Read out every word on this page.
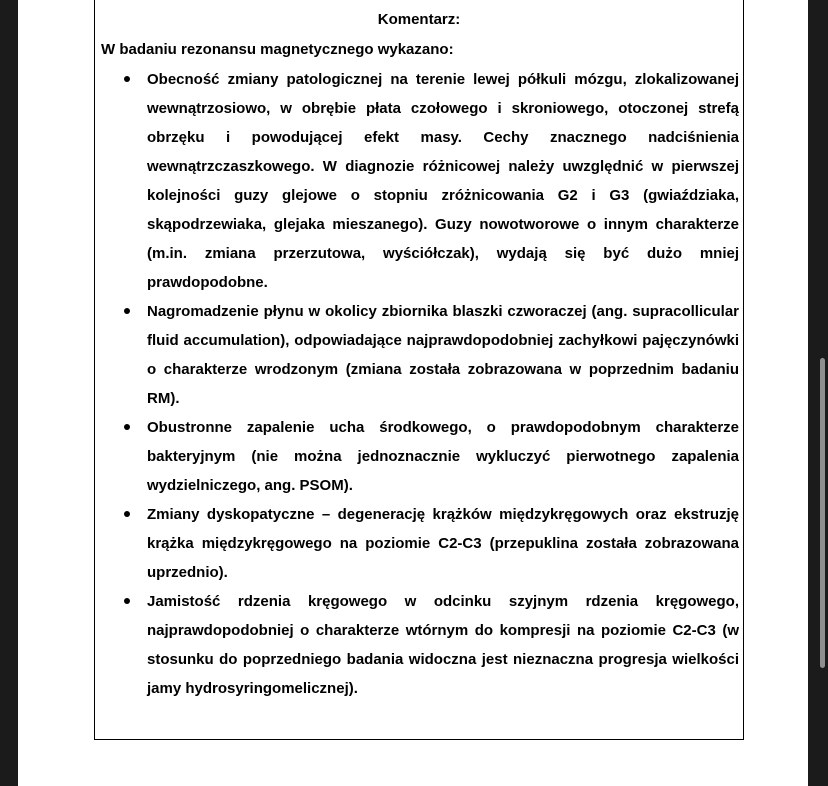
Komentarz:
W badaniu rezonansu magnetycznego wykazano:
Obecność zmiany patologicznej na terenie lewej półkuli mózgu, zlokalizowanej wewnątrzosiowo, w obrębie płata czołowego i skroniowego, otoczonej strefą obrzęku i powodującej efekt masy. Cechy znacznego nadciśnienia wewnątrzczaszkowego. W diagnozie różnicowej należy uwzględnić w pierwszej kolejności guzy glejowe o stopniu zróżnicowania G2 i G3 (gwiaździaka, skąpodrzewiaka, glejaka mieszanego). Guzy nowotworowe o innym charakterze (m.in. zmiana przerzutowa, wyściółczak), wydają się być dużo mniej prawdopodobne.
Nagromadzenie płynu w okolicy zbiornika blaszki czworaczej (ang. supracollicular fluid accumulation), odpowiadające najprawdopodobniej zachyłkowi pajęczynówki o charakterze wrodzonym (zmiana została zobrazowana w poprzednim badaniu RM).
Obustronne zapalenie ucha środkowego, o prawdopodobnym charakterze bakteryjnym (nie można jednoznacznie wykluczyć pierwotnego zapalenia wydzielniczego, ang. PSOM).
Zmiany dyskopatyczne – degenerację krążków międzykręgowych oraz ekstruzję krążka międzykręgowego na poziomie C2-C3 (przepuklina została zobrazowana uprzednio).
Jamistość rdzenia kręgowego w odcinku szyjnym rdzenia kręgowego, najprawdopodobniej o charakterze wtórnym do kompresji na poziomie C2-C3 (w stosunku do poprzedniego badania widoczna jest nieznaczna progresja wielkości jamy hydrosyringomelicznej).
